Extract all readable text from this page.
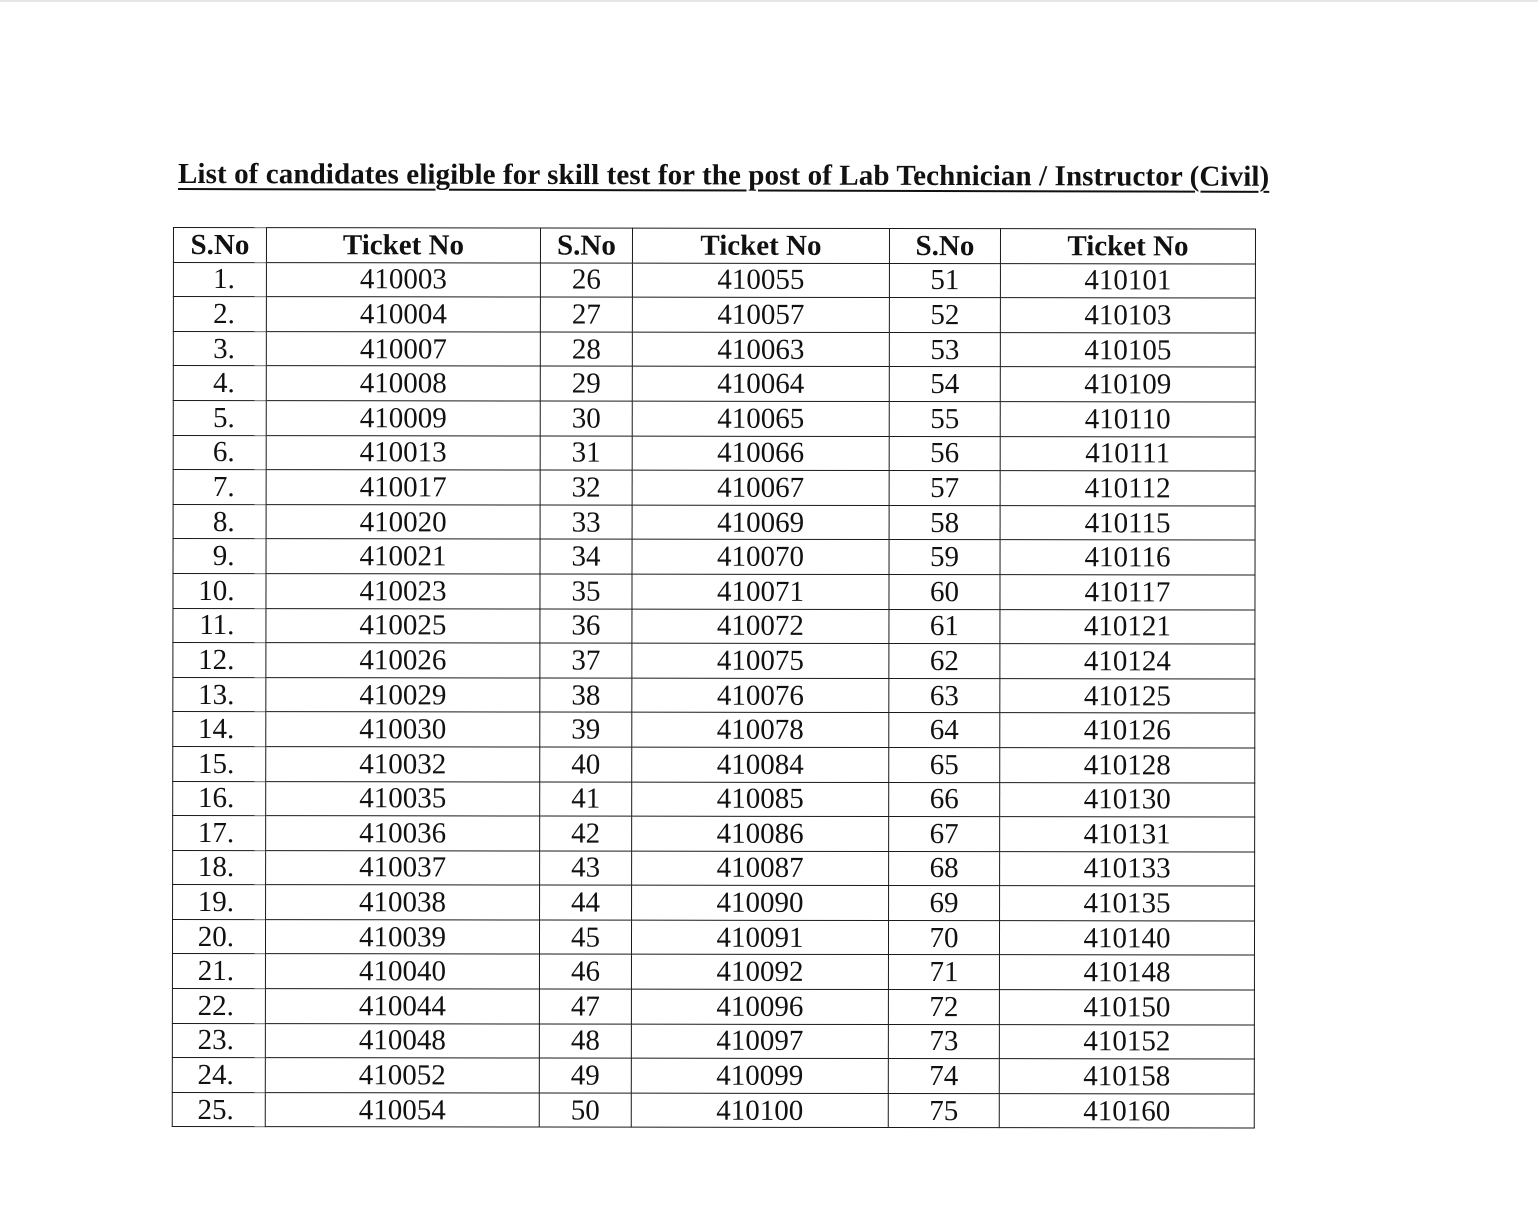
List of candidates eligible for skill test for the post of Lab Technician / Instructor (Civil)
S.No	Ticket No	S.No	Ticket No	S.No	Ticket No
1.	410003	26	410055	51	410101
2.	410004	27	410057	52	410103
3.	410007	28	410063	53	410105
4.	410008	29	410064	54	410109
5.	410009	30	410065	55	410110
6.	410013	31	410066	56	410111
7.	410017	32	410067	57	410112
8.	410020	33	410069	58	410115
9.	410021	34	410070	59	410116
10.	410023	35	410071	60	410117
11.	410025	36	410072	61	410121
12.	410026	37	410075	62	410124
13.	410029	38	410076	63	410125
14.	410030	39	410078	64	410126
15.	410032	40	410084	65	410128
16.	410035	41	410085	66	410130
17.	410036	42	410086	67	410131
18.	410037	43	410087	68	410133
19.	410038	44	410090	69	410135
20.	410039	45	410091	70	410140
21.	410040	46	410092	71	410148
22.	410044	47	410096	72	410150
23.	410048	48	410097	73	410152
24.	410052	49	410099	74	410158
25.	410054	50	410100	75	410160
